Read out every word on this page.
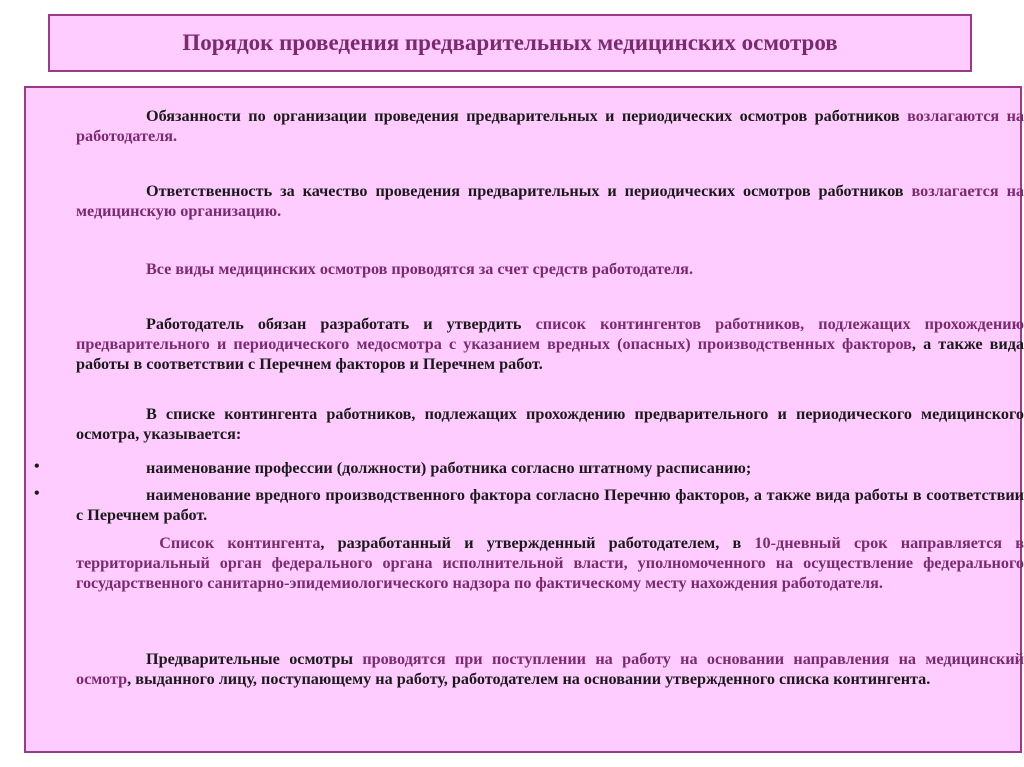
Порядок проведения предварительных медицинских осмотров

Обязанности по организации проведения предварительных и периодических осмотров работников возлагаются на работодателя.

Ответственность за качество проведения предварительных и периодических осмотров работников возлагается на медицинскую организацию.

Все виды медицинских осмотров проводятся за счет средств работодателя.

Работодатель обязан разработать и утвердить список контингентов работников, подлежащих прохождению предварительного и периодического медосмотра с указанием вредных (опасных) производственных факторов, а также вида работы в соответствии с Перечнем факторов и Перечнем работ.

В списке контингента работников, подлежащих прохождению предварительного и периодического медицинского осмотра, указывается:

•	наименование профессии (должности) работника согласно штатному расписанию;

•	наименование вредного производственного фактора согласно Перечню факторов, а также вида работы в соответствии с Перечнем работ.

Список контингента, разработанный и утвержденный работодателем, в 10-дневный срок направляется в территориальный орган федерального органа исполнительной власти, уполномоченного на осуществление федерального государственного санитарно-эпидемиологического надзора по фактическому месту нахождения работодателя.

Предварительные осмотры проводятся при поступлении на работу на основании направления на медицинский осмотр, выданного лицу, поступающему на работу, работодателем на основании утвержденного списка контингента.
